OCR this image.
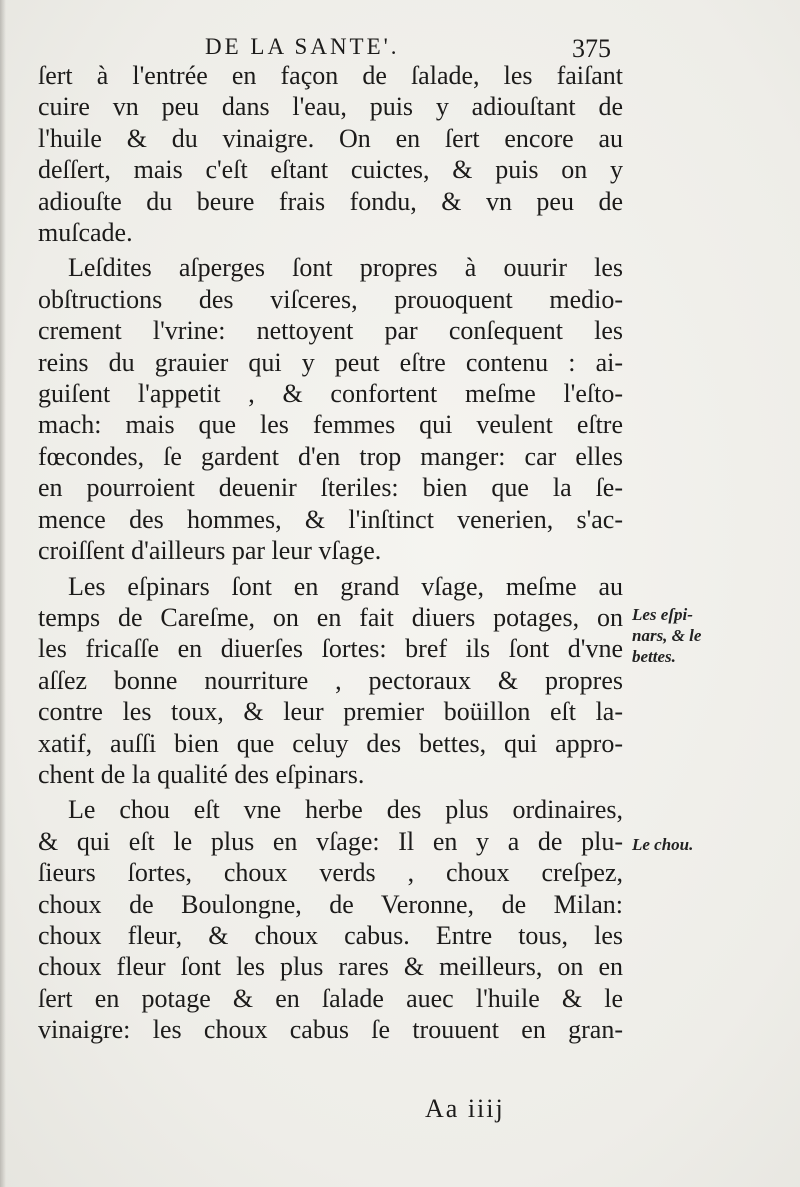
DE LA SANTE'.	375
ſert à l'entrée en façon de ſalade, les faiſant
cuire vn peu dans l'eau, puis y adiouſtant de
l'huile & du vinaigre. On en ſert encore au
deſſert, mais c'eſt eſtant cuictes, & puis on y
adiouſte du beure frais fondu, & vn peu de
muſcade.
Leſdites aſperges ſont propres à ouurir les
obſtructions des viſceres, prouoquent medio-
crement l'vrine: nettoyent par conſequent les
reins du grauier qui y peut eſtre contenu : ai-
guiſent l'appetit , & confortent meſme l'eſto-
mach: mais que les femmes qui veulent eſtre
fœcondes, ſe gardent d'en trop manger: car elles
en pourroient deuenir ſteriles: bien que la ſe-
mence des hommes, & l'inſtinct venerien, s'ac-
croiſſent d'ailleurs par leur vſage.
Les eſpinars ſont en grand vſage, meſme au
temps de Careſme, on en fait diuers potages, on
les fricaſſe en diuerſes ſortes: bref ils ſont d'vne
aſſez bonne nourriture , pectoraux & propres
contre les toux, & leur premier boüillon eſt la-
xatif, auſſi bien que celuy des bettes, qui appro-
chent de la qualité des eſpinars.
Le chou eſt vne herbe des plus ordinaires,
& qui eſt le plus en vſage: Il en y a de plu-
ſieurs ſortes, choux verds , choux creſpez,
choux de Boulongne, de Veronne, de Milan:
choux fleur, & choux cabus. Entre tous, les
choux fleur ſont les plus rares & meilleurs, on en
ſert en potage & en ſalade auec l'huile & le
vinaigre: les choux cabus ſe trouuent en gran-
Les eſpi-
nars, & le
bettes.
Le chou.
Aa iiij
